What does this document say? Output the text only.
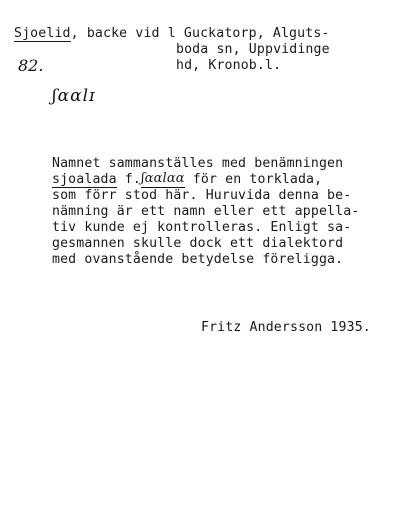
Sjoelid, backe vid l Guckatorp, Alguts-
boda sn, Uppvidinge
hd, Kronob.l.
82.
ʃɑɑlɪ
Namnet sammanställes med benämningen
sjoalada f.ʃɑɑlɑɑ för en torklada,
som förr stod här. Huruvida denna be-
nämning är ett namn eller ett appella-
tiv kunde ej kontrolleras. Enligt sa-
gesmannen skulle dock ett dialektord
med ovanstående betydelse föreligga.
Fritz Andersson 1935.
